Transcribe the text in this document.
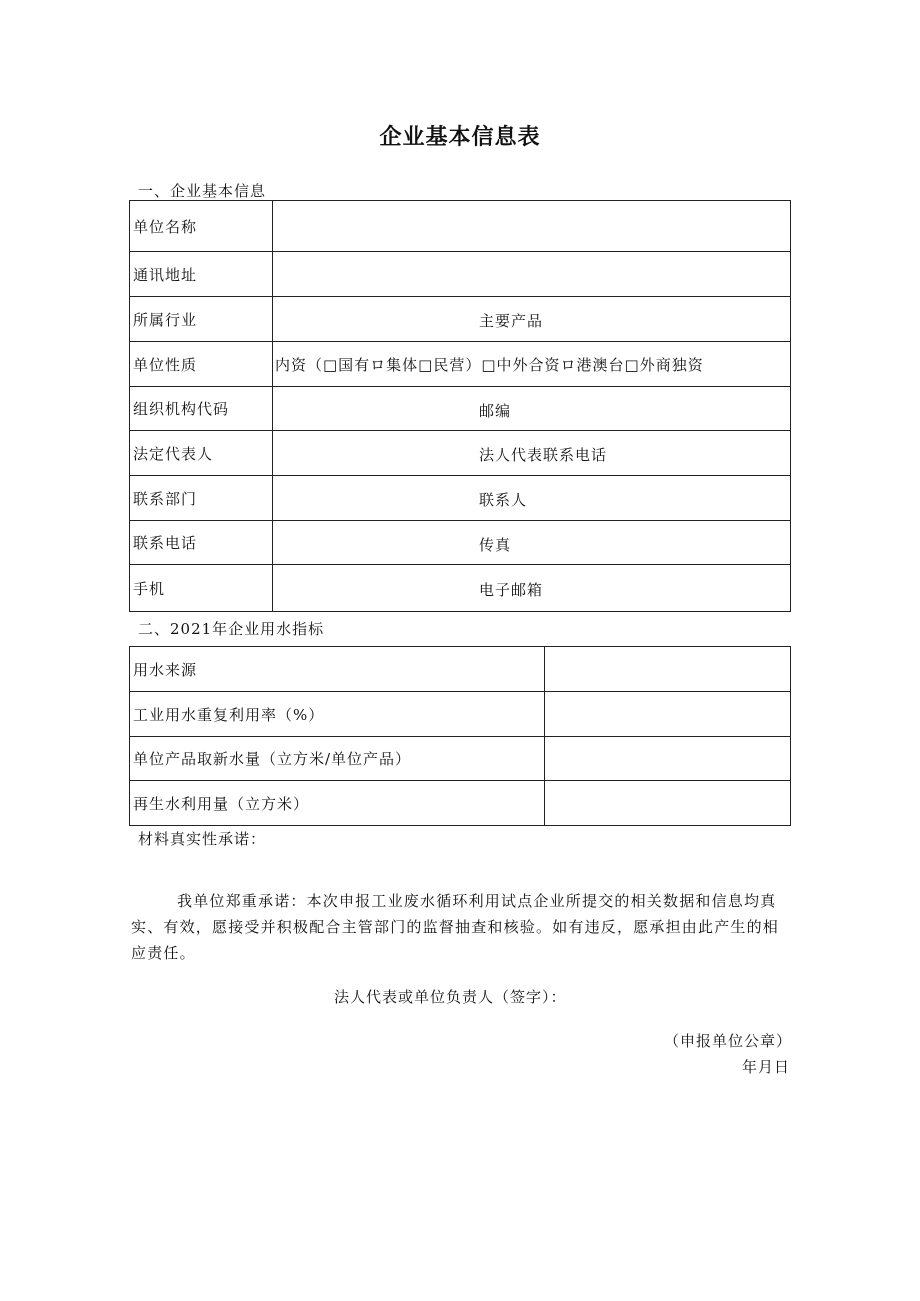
企业基本信息表
一、企业基本信息
单位名称	
通讯地址	
所属行业	主要产品

单位性质	内资（□国有ロ集体□民营）□中外合资ロ港澳台□外商独资
组织机构代码	邮编

法定代表人	法人代表联系电话

联系部门	联系人

联系电话	传真

手机	电子邮箱
二、2021年企业用水指标
用水来源	
工业用水重复利用率（%）	
单位产品取新水量（立方米/单位产品）	
再生水利用量（立方米）	
材料真实性承诺：
我单位郑重承诺：本次申报工业废水循环利用试点企业所提交的相关数据和信息均真实、有效，愿接受并积极配合主管部门的监督抽查和核验。如有违反，愿承担由此产生的相应责任。
法人代表或单位负责人（签字）：
（申报单位公章）
年月日
